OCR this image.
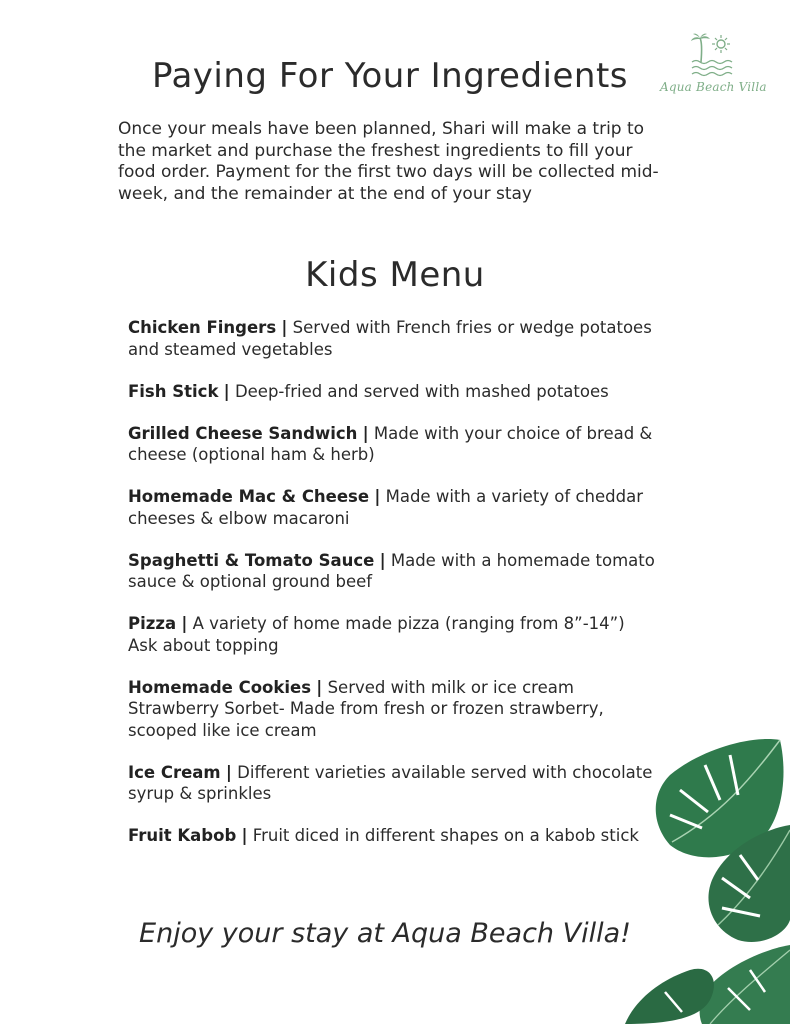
Aqua Beach Villa
Paying For Your Ingredients

Once your meals have been planned, Shari will make a trip to the market and purchase the freshest ingredients to fill your food order. Payment for the first two days will be collected mid-week, and the remainder at the end of your stay

Kids Menu
Chicken Fingers | Served with French fries or wedge potatoes and steamed vegetables
Fish Stick | Deep-fried and served with mashed potatoes
Grilled Cheese Sandwich | Made with your choice of bread & cheese (optional ham & herb)
Homemade Mac & Cheese | Made with a variety of cheddar cheeses & elbow macaroni
Spaghetti & Tomato Sauce | Made with a homemade tomato sauce & optional ground beef
Pizza | A variety of home made pizza (ranging from 8”-14”)
Ask about topping
Homemade Cookies | Served with milk or ice cream
Strawberry Sorbet- Made from fresh or frozen strawberry, scooped like ice cream
Ice Cream | Different varieties available served with chocolate syrup & sprinkles
Fruit Kabob | Fruit diced in different shapes on a kabob stick

Enjoy your stay at Aqua Beach Villa!
